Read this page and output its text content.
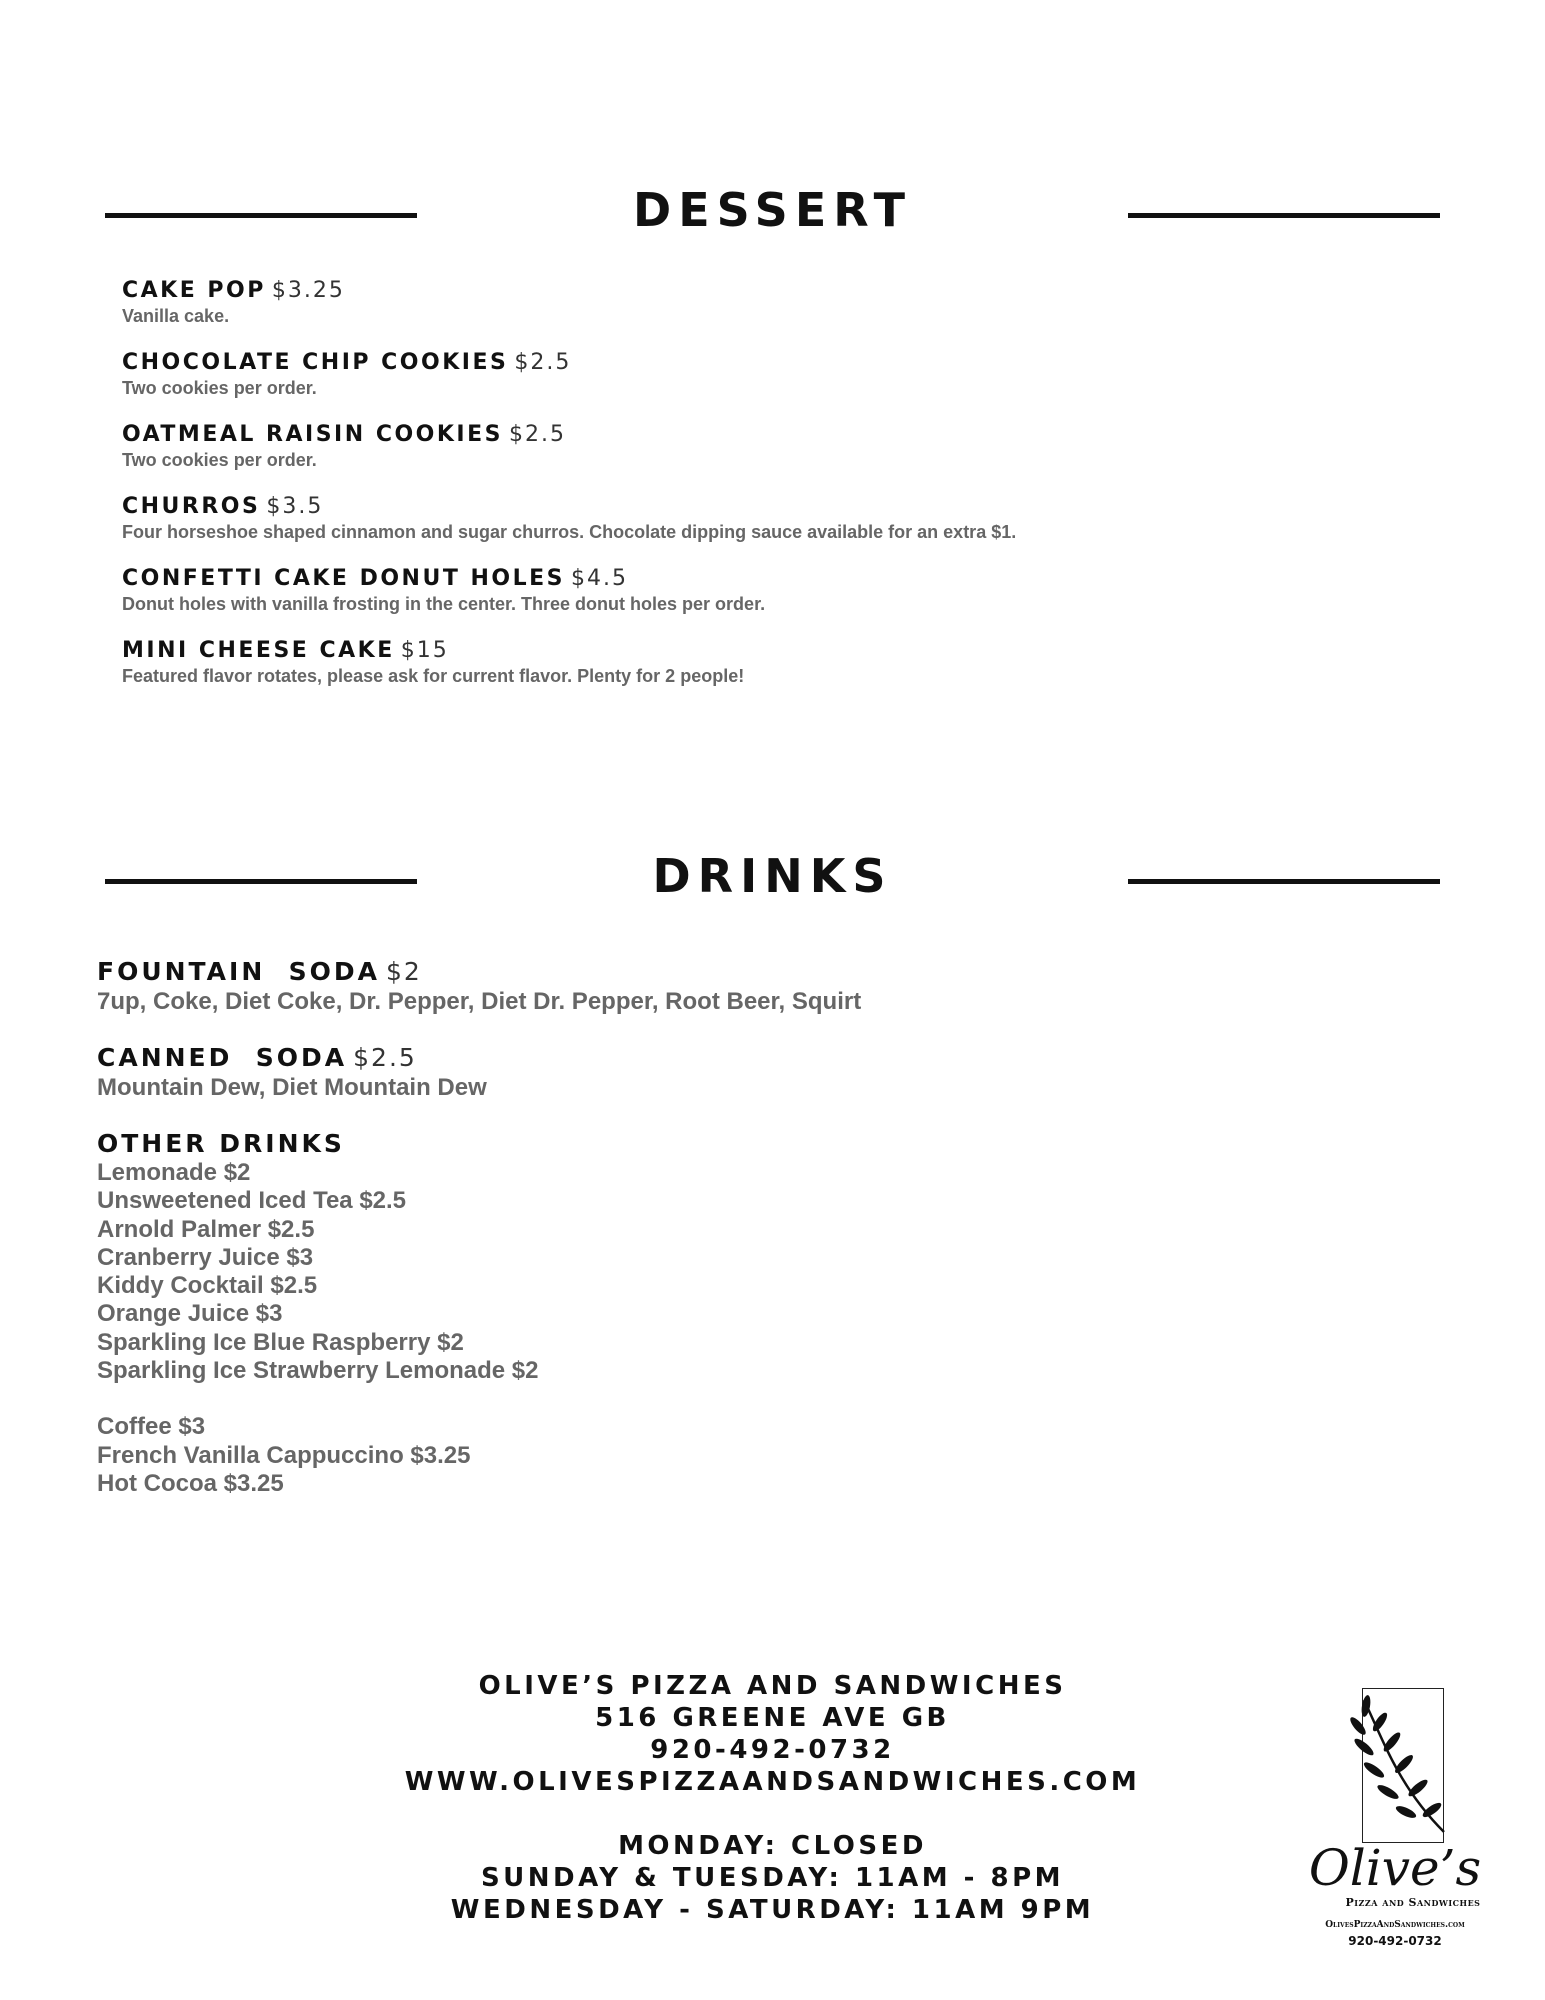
DESSERT
CAKE POP $3.25
Vanilla cake.
CHOCOLATE CHIP COOKIES $2.5
Two cookies per order.
OATMEAL RAISIN COOKIES $2.5
Two cookies per order.
CHURROS $3.5
Four horseshoe shaped cinnamon and sugar churros. Chocolate dipping sauce available for an extra $1.
CONFETTI CAKE DONUT HOLES $4.5
Donut holes with vanilla frosting in the center. Three donut holes per order.
MINI CHEESE CAKE $15
Featured flavor rotates, please ask for current flavor. Plenty for 2 people!
DRINKS
FOUNTAIN  SODA $2
7up, Coke, Diet Coke, Dr. Pepper, Diet Dr. Pepper, Root Beer, Squirt
CANNED  SODA $2.5
Mountain Dew, Diet Mountain Dew
OTHER DRINKS
Lemonade $2
Unsweetened Iced Tea $2.5
Arnold Palmer $2.5
Cranberry Juice $3
Kiddy Cocktail $2.5
Orange Juice $3
Sparkling Ice Blue Raspberry $2
Sparkling Ice Strawberry Lemonade $2
Coffee $3
French Vanilla Cappuccino $3.25
Hot Cocoa $3.25
OLIVE’S PIZZA AND SANDWICHES
516 GREENE AVE GB
920-492-0732
WWW.OLIVESPIZZAANDSANDWICHES.COM
MONDAY: CLOSED
SUNDAY & TUESDAY: 11AM - 8PM
WEDNESDAY - SATURDAY: 11AM 9PM
Olive’s
Pizza and Sandwiches
OlivesPizzaAndSandwiches.com
920-492-0732
